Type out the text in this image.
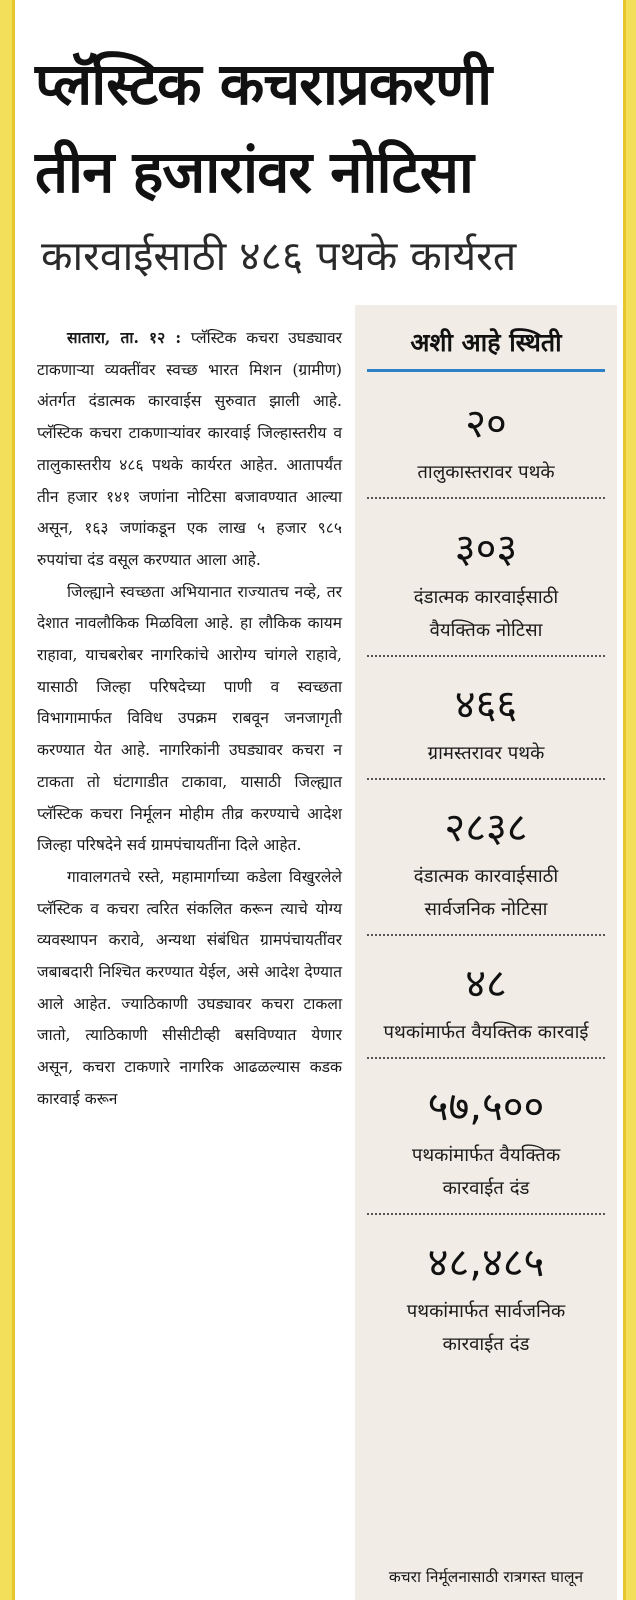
प्लॅस्टिक कचराप्रकरणी
तीन हजारांवर नोटिसा
कारवाईसाठी ४८६ पथके कार्यरत

सातारा, ता. १२ : प्लॅस्टिक कचरा उघड्यावर टाकणाऱ्या व्यक्तींवर स्वच्छ भारत मिशन (ग्रामीण) अंतर्गत दंडात्मक कारवाईस सुरुवात झाली आहे. प्लॅस्टिक कचरा टाकणाऱ्यांवर कारवाई जिल्हास्तरीय व तालुकास्तरीय ४८६ पथके कार्यरत आहेत. आतापर्यंत तीन हजार १४१ जणांना नोटिसा बजावण्यात आल्या असून, १६३ जणांकडून एक लाख ५ हजार ९८५ रुपयांचा दंड वसूल करण्यात आला आहे.

जिल्ह्याने स्वच्छता अभियानात राज्यातच नव्हे, तर देशात नावलौकिक मिळविला आहे. हा लौकिक कायम राहावा, याचबरोबर नागरिकांचे आरोग्य चांगले राहावे, यासाठी जिल्हा परिषदेच्या पाणी व स्वच्छता विभागामार्फत विविध उपक्रम राबवून जनजागृती करण्यात येत आहे. नागरिकांनी उघड्यावर कचरा न टाकता तो घंटागाडीत टाकावा, यासाठी जिल्ह्यात प्लॅस्टिक कचरा निर्मूलन मोहीम तीव्र करण्याचे आदेश जिल्हा परिषदेने सर्व ग्रामपंचायतींना दिले आहेत.

गावालगतचे रस्ते, महामार्गाच्या कडेला विखुरलेले प्लॅस्टिक व कचरा त्वरित संकलित करून त्याचे योग्य व्यवस्थापन करावे, अन्यथा संबंधित ग्रामपंचायतींवर जबाबदारी निश्चित करण्यात येईल, असे आदेश देण्यात आले आहेत. ज्याठिकाणी उघड्यावर कचरा टाकला जातो, त्याठिकाणी सीसीटीव्ही बसविण्यात येणार असून, कचरा टाकणारे नागरिक आढळल्यास कडक कारवाई करून

अशी आहे स्थिती
२०
तालुकास्तरावर पथके
३०३
दंडात्मक कारवाईसाठी वैयक्तिक नोटिसा
४६६
ग्रामस्तरावर पथके
२८३८
दंडात्मक कारवाईसाठी सार्वजनिक नोटिसा
४८
पथकांमार्फत वैयक्तिक कारवाई
५७,५००
पथकांमार्फत वैयक्तिक कारवाईत दंड
४८,४८५
पथकांमार्फत सार्वजनिक कारवाईत दंड
कचरा निर्मूलनासाठी रात्रगस्त घालून
